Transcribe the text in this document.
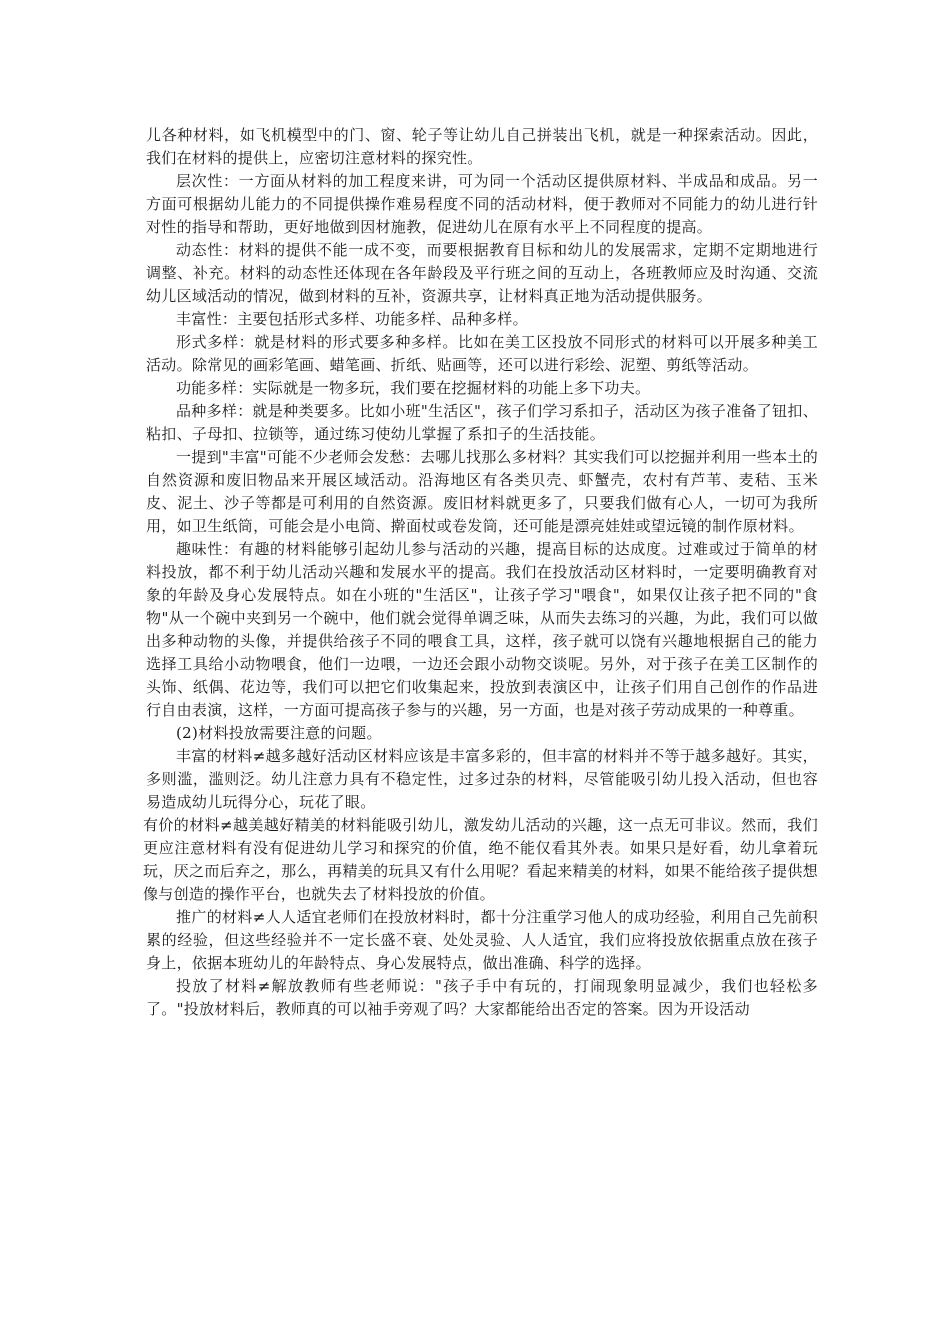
儿各种材料，如飞机模型中的门、窗、轮子等让幼儿自己拼装出飞机，就是一种探索活动。因此，我们在材料的提供上，应密切注意材料的探究性。

层次性：一方面从材料的加工程度来讲，可为同一个活动区提供原材料、半成品和成品。另一方面可根据幼儿能力的不同提供操作难易程度不同的活动材料，便于教师对不同能力的幼儿进行针对性的指导和帮助，更好地做到因材施教，促进幼儿在原有水平上不同程度的提高。

动态性：材料的提供不能一成不变，而要根据教育目标和幼儿的发展需求，定期不定期地进行调整、补充。材料的动态性还体现在各年龄段及平行班之间的互动上，各班教师应及时沟通、交流幼儿区域活动的情况，做到材料的互补，资源共享，让材料真正地为活动提供服务。

丰富性：主要包括形式多样、功能多样、品种多样。

形式多样：就是材料的形式要多种多样。比如在美工区投放不同形式的材料可以开展多种美工活动。除常见的画彩笔画、蜡笔画、折纸、贴画等，还可以进行彩绘、泥塑、剪纸等活动。

功能多样：实际就是一物多玩，我们要在挖掘材料的功能上多下功夫。

品种多样：就是种类要多。比如小班"生活区"，孩子们学习系扣子，活动区为孩子准备了钮扣、粘扣、子母扣、拉锁等，通过练习使幼儿掌握了系扣子的生活技能。

一提到"丰富"可能不少老师会发愁：去哪儿找那么多材料？其实我们可以挖掘并利用一些本土的自然资源和废旧物品来开展区域活动。沿海地区有各类贝壳、虾蟹壳，农村有芦苇、麦秸、玉米皮、泥土、沙子等都是可利用的自然资源。废旧材料就更多了，只要我们做有心人，一切可为我所用，如卫生纸筒，可能会是小电筒、擀面杖或卷发筒，还可能是漂亮娃娃或望远镜的制作原材料。

趣味性：有趣的材料能够引起幼儿参与活动的兴趣，提高目标的达成度。过难或过于简单的材料投放，都不利于幼儿活动兴趣和发展水平的提高。我们在投放活动区材料时，一定要明确教育对象的年龄及身心发展特点。如在小班的"生活区"，让孩子学习"喂食"，如果仅让孩子把不同的"食物"从一个碗中夹到另一个碗中，他们就会觉得单调乏味，从而失去练习的兴趣，为此，我们可以做出多种动物的头像，并提供给孩子不同的喂食工具，这样，孩子就可以饶有兴趣地根据自己的能力选择工具给小动物喂食，他们一边喂，一边还会跟小动物交谈呢。另外，对于孩子在美工区制作的头饰、纸偶、花边等，我们可以把它们收集起来，投放到表演区中，让孩子们用自己创作的作品进行自由表演，这样，一方面可提高孩子参与的兴趣，另一方面，也是对孩子劳动成果的一种尊重。

(2)材料投放需要注意的问题。

丰富的材料≠越多越好活动区材料应该是丰富多彩的，但丰富的材料并不等于越多越好。其实，多则滥，滥则泛。幼儿注意力具有不稳定性，过多过杂的材料，尽管能吸引幼儿投入活动，但也容易造成幼儿玩得分心，玩花了眼。

有价的材料≠越美越好精美的材料能吸引幼儿，激发幼儿活动的兴趣，这一点无可非议。然而，我们更应注意材料有没有促进幼儿学习和探究的价值，绝不能仅看其外表。如果只是好看，幼儿拿着玩玩，厌之而后弃之，那么，再精美的玩具又有什么用呢？看起来精美的材料，如果不能给孩子提供想像与创造的操作平台，也就失去了材料投放的价值。

推广的材料≠人人适宜老师们在投放材料时，都十分注重学习他人的成功经验，利用自己先前积累的经验，但这些经验并不一定长盛不衰、处处灵验、人人适宜，我们应将投放依据重点放在孩子身上，依据本班幼儿的年龄特点、身心发展特点，做出准确、科学的选择。

投放了材料≠解放教师有些老师说："孩子手中有玩的，打闹现象明显减少，我们也轻松多了。"投放材料后，教师真的可以袖手旁观了吗？大家都能给出否定的答案。因为开设活动
